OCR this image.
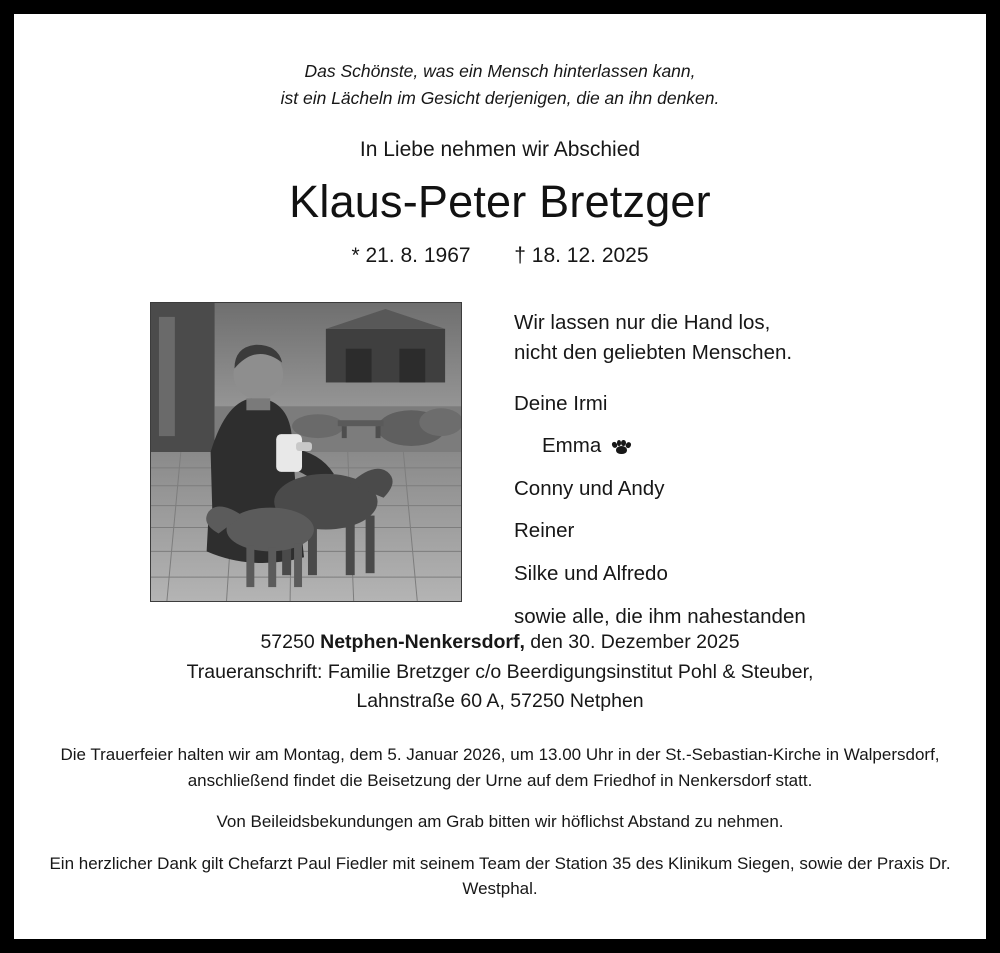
Das Schönste, was ein Mensch hinterlassen kann,
ist ein Lächeln im Gesicht derjenigen, die an ihn denken.
In Liebe nehmen wir Abschied
Klaus-Peter Bretzger
* 21. 8. 1967 † 18. 12. 2025
Wir lassen nur die Hand los,
nicht den geliebten Menschen.
Deine Irmi
Emma
Conny und Andy
Reiner
Silke und Alfredo
sowie alle, die ihm nahestanden
57250 Netphen-Nenkersdorf, den 30. Dezember 2025
Traueranschrift: Familie Bretzger c/o Beerdigungsinstitut Pohl & Steuber,
Lahnstraße 60 A, 57250 Netphen
Die Trauerfeier halten wir am Montag, dem 5. Januar 2026, um 13.00 Uhr in der St.-Sebastian-Kirche in Walpersdorf, anschließend findet die Beisetzung der Urne auf dem Friedhof in Nenkersdorf statt.
Von Beileidsbekundungen am Grab bitten wir höflichst Abstand zu nehmen.
Ein herzlicher Dank gilt Chefarzt Paul Fiedler mit seinem Team der Station 35 des Klinikum Siegen, sowie der Praxis Dr. Westphal.
